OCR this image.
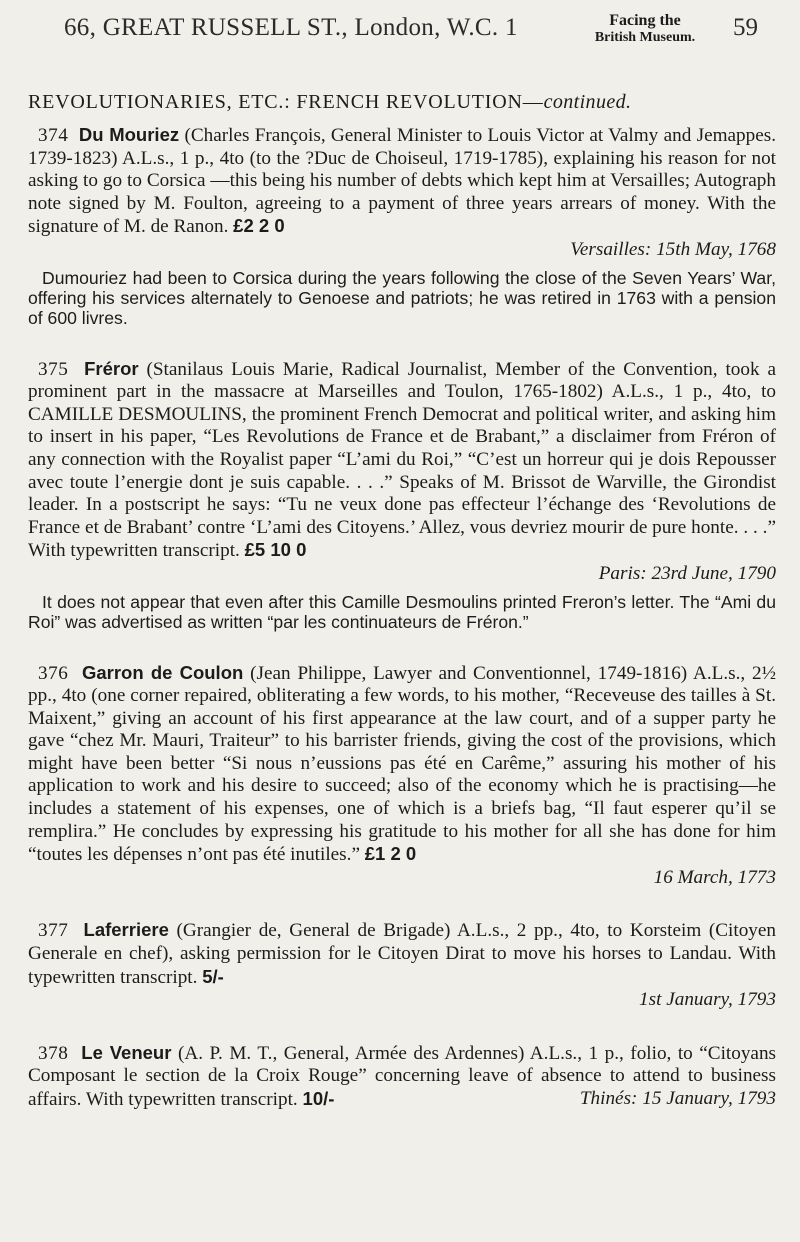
66, GREAT RUSSELL ST., London, W.C. 1	Facing the
British Museum.	59
REVOLUTIONARIES, ETC.: FRENCH REVOLUTION—continued.

374 Du Mouriez (Charles François, General Minister to Louis Victor at Valmy and Jemappes. 1739-1823) A.L.s., 1 p., 4to (to the ?Duc de Choiseul, 1719-1785), explaining his reason for not asking to go to Corsica —this being his number of debts which kept him at Versailles; Autograph note signed by M. Foulton, agreeing to a payment of three years arrears of money. With the signature of M. de Ranon. £2 2 0

Versailles: 15th May, 1768

Dumouriez had been to Corsica during the years following the close of the Seven Years’ War, offering his services alternately to Genoese and patriots; he was retired in 1763 with a pension of 600 livres.

375 Fréror (Stanilaus Louis Marie, Radical Journalist, Member of the Convention, took a prominent part in the massacre at Marseilles and Toulon, 1765-1802) A.L.s., 1 p., 4to, to CAMILLE DESMOULINS, the prominent French Democrat and political writer, and asking him to insert in his paper, “Les Revolutions de France et de Brabant,” a disclaimer from Fréron of any connection with the Royalist paper “L’ami du Roi,” “C’est un horreur qui je dois Repousser avec toute l’energie dont je suis capable. . . .” Speaks of M. Brissot de Warville, the Girondist leader. In a postscript he says: “Tu ne veux done pas effecteur l’échange des ‘Revolutions de France et de Brabant’ contre ‘L’ami des Citoyens.’ Allez, vous devriez mourir de pure honte. . . .” With typewritten transcript. £5 10 0

Paris: 23rd June, 1790

It does not appear that even after this Camille Desmoulins printed Freron’s letter. The “Ami du Roi” was advertised as written “par les continuateurs de Fréron.”

376 Garron de Coulon (Jean Philippe, Lawyer and Conventionnel, 1749-1816) A.L.s., 2½ pp., 4to (one corner repaired, obliterating a few words, to his mother, “Receveuse des tailles à St. Maixent,” giving an account of his first appearance at the law court, and of a supper party he gave “chez Mr. Mauri, Traiteur” to his barrister friends, giving the cost of the provisions, which might have been better “Si nous n’eussions pas été en Carême,” assuring his mother of his application to work and his desire to succeed; also of the economy which he is practising—he includes a statement of his expenses, one of which is a briefs bag, “Il faut esperer qu’il se remplira.” He concludes by expressing his gratitude to his mother for all she has done for him “toutes les dépenses n’ont pas été inutiles.” £1 2 0

16 March, 1773

377 Laferriere (Grangier de, General de Brigade) A.L.s., 2 pp., 4to, to Korsteim (Citoyen Generale en chef), asking permission for le Citoyen Dirat to move his horses to Landau. With typewritten transcript. 5/-

1st January, 1793

378 Le Veneur (A. P. M. T., General, Armée des Ardennes) A.L.s., 1 p., folio, to “Citoyans Composant le section de la Croix Rouge” concerning leave of absence to attend to business affairs. With typewritten transcript. 10/-	Thinés: 15 January, 1793
